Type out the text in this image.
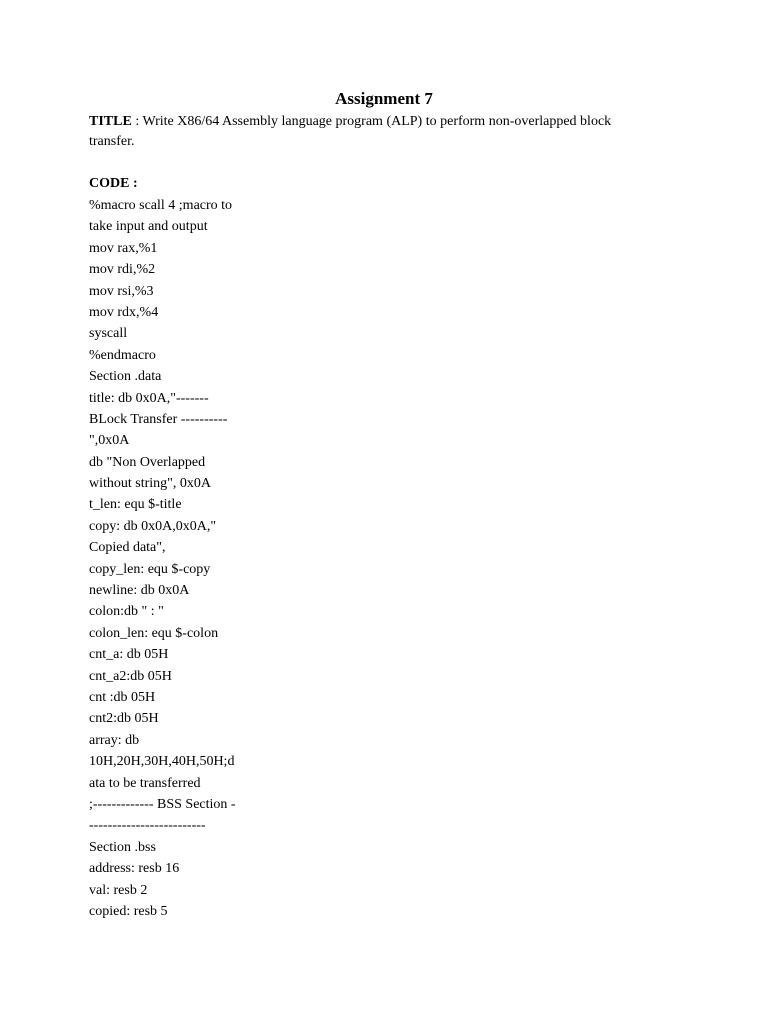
Assignment 7
TITLE : Write X86/64 Assembly language program (ALP) to perform non-overlapped block transfer.
CODE :
%macro scall 4 ;macro to
take input and output
mov rax,%1
mov rdi,%2
mov rsi,%3
mov rdx,%4
syscall
%endmacro
Section .data
title: db 0x0A,"-------
BLock Transfer ----------
",0x0A
db "Non Overlapped
without string", 0x0A
t_len: equ $-title
copy: db 0x0A,0x0A,"
Copied data",
copy_len: equ $-copy
newline: db 0x0A
colon:db " : "
colon_len: equ $-colon
cnt_a: db 05H
cnt_a2:db 05H
cnt :db 05H
cnt2:db 05H
array: db
10H,20H,30H,40H,50H;d
ata to be transferred
;------------- BSS Section -
-------------------------
Section .bss
address: resb 16
val: resb 2
copied: resb 5
